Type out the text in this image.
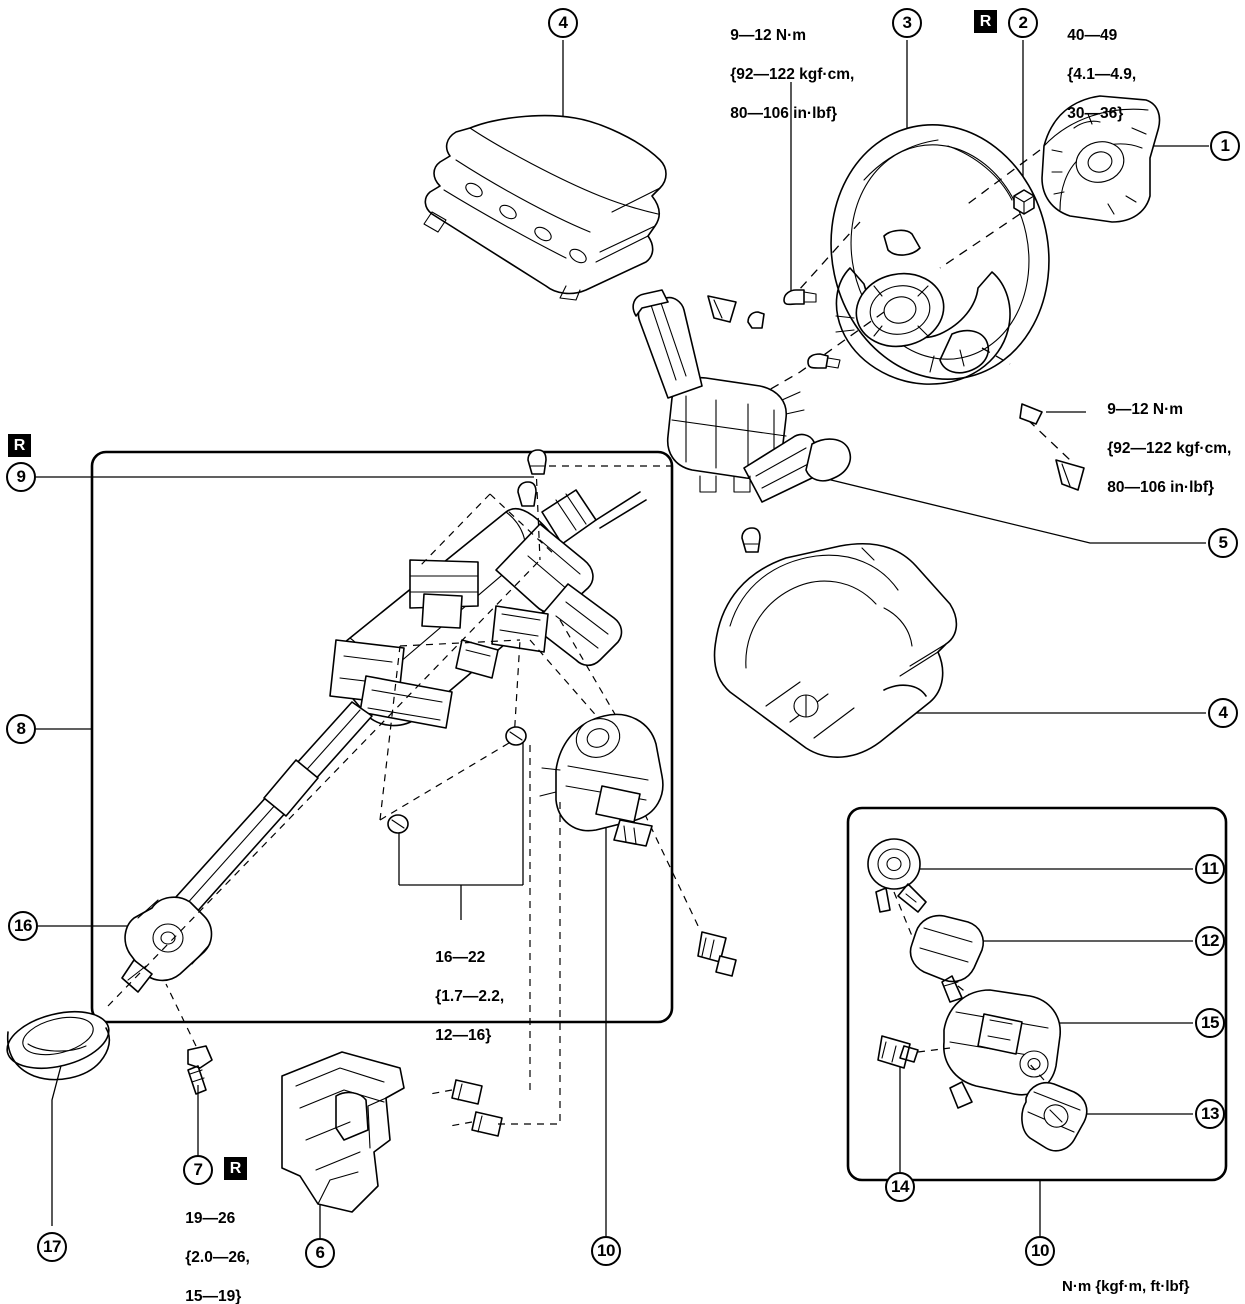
4	3	2
1
5
4
9
8
16
17
7
6	10	10
11
12
15
13
14
R
R
R

9—12 N·m

{92—122 kgf·cm,

80—106 in·lbf}

40—49

{4.1—4.9,

30—36}

9—12 N·m

{92—122 kgf·cm,

80—106 in·lbf}

16—22

{1.7—2.2,

12—16}

19—26

{2.0—26,

15—19}

N·m {kgf·m, ft·lbf}
